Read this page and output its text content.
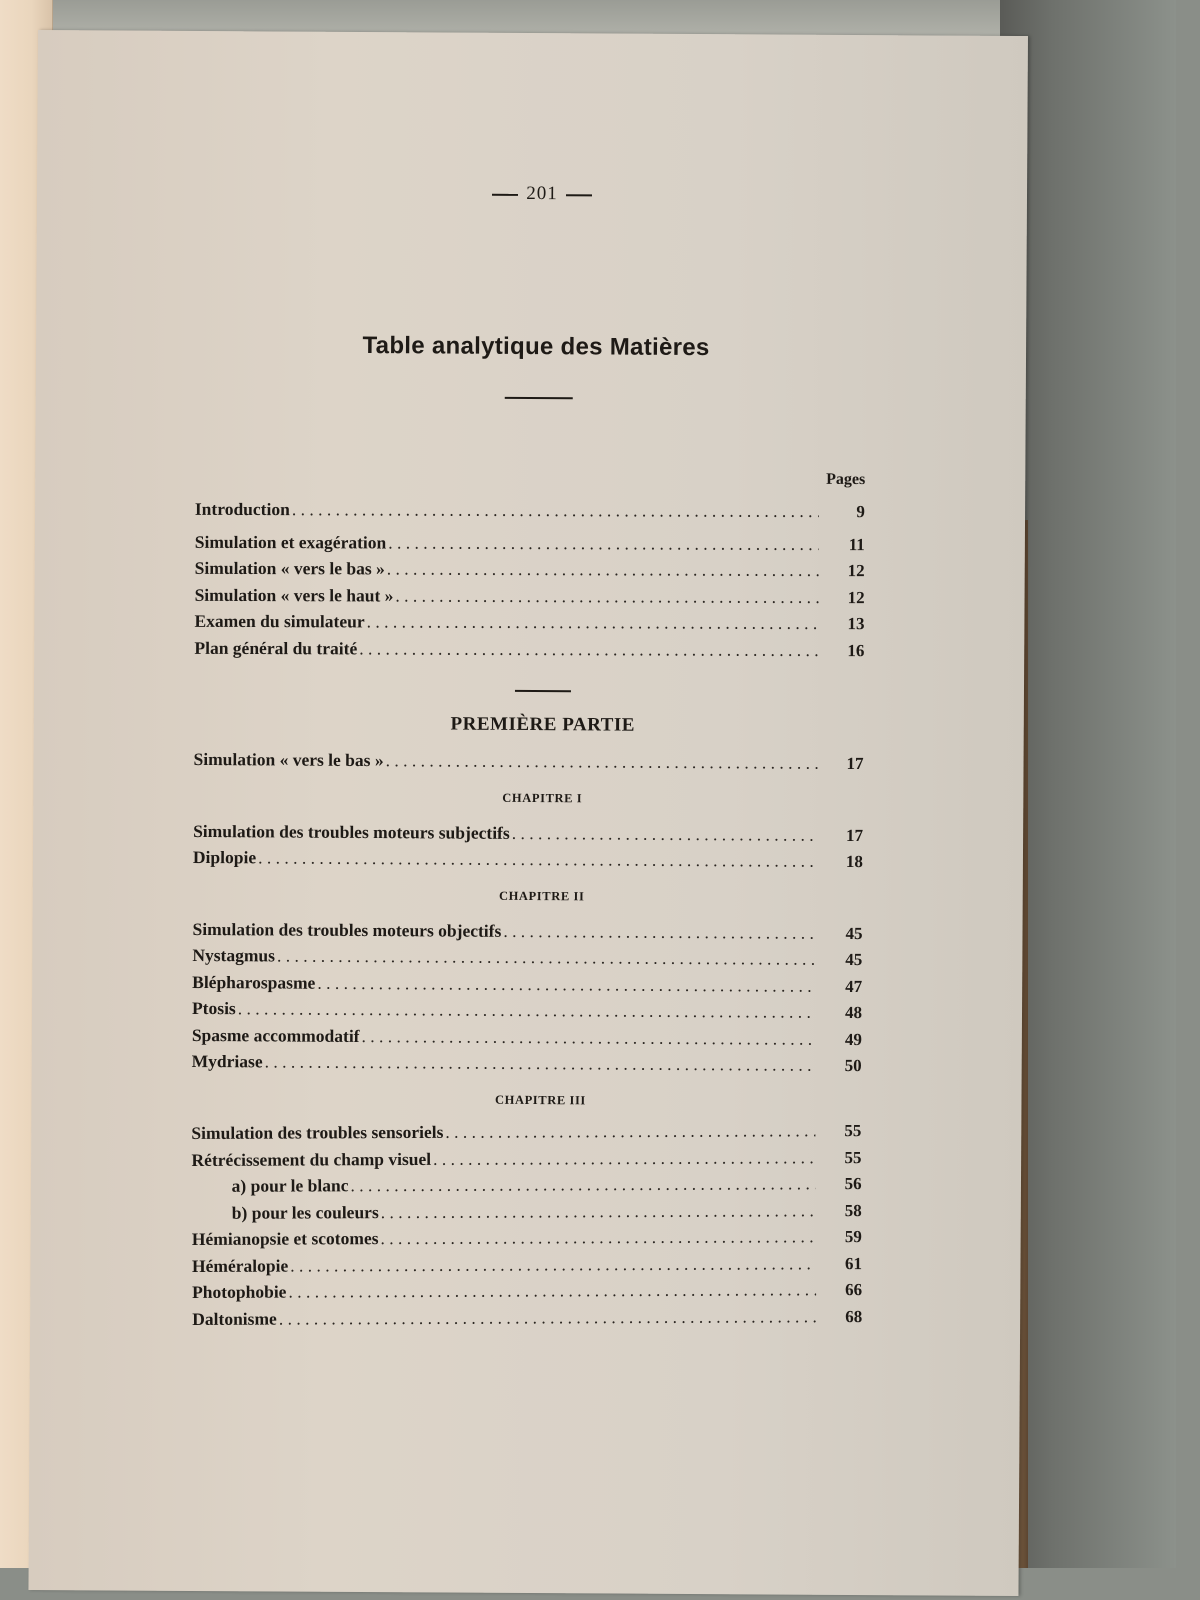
201
Table analytique des Matières
Pages
Introduction . . .	9
Simulation et exagération . . .	11
Simulation « vers le bas » . . .	12
Simulation « vers le haut » . . .	12
Examen du simulateur . . .	13
Plan général du traité . . .	16
PREMIÈRE PARTIE
Simulation « vers le bas » . . .	17
CHAPITRE I
Simulation des troubles moteurs subjectifs . . .	17
Diplopie . . .	18
CHAPITRE II
Simulation des troubles moteurs objectifs . . .	45
Nystagmus . . .	45
Blépharospasme . . .	47
Ptosis . . .	48
Spasme accommodatif . . .	49
Mydriase . . .	50
CHAPITRE III
Simulation des troubles sensoriels . . .	55
Rétrécissement du champ visuel . . .	55
a) pour le blanc . . .	56
b) pour les couleurs . . .	58
Hémianopsie et scotomes . . .	59
Héméralopie . . .	61
Photophobie . . .	66
Daltonisme . . .	68
